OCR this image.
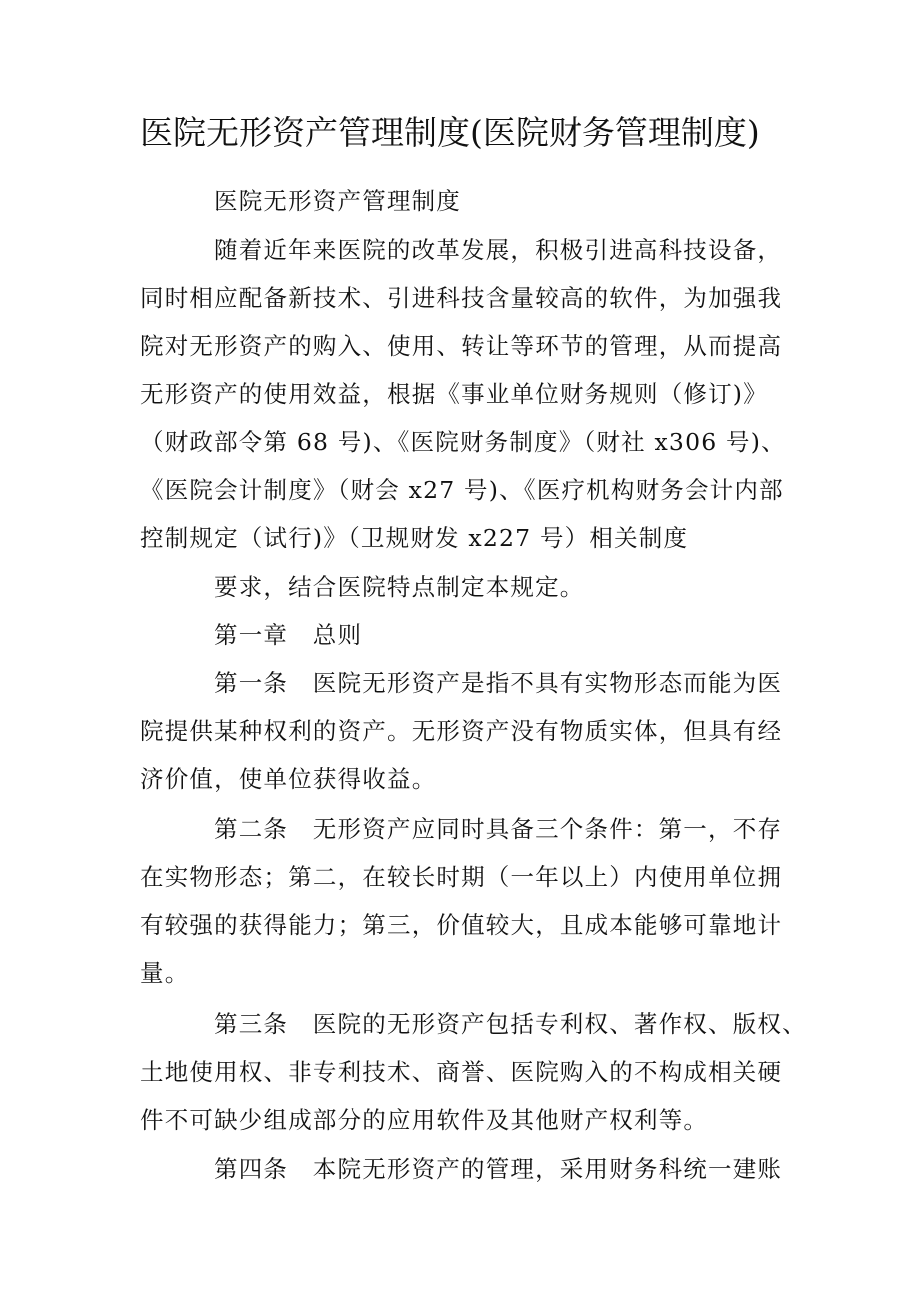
医院无形资产管理制度(医院财务管理制度)
医院无形资产管理制度
随着近年来医院的改革发展，积极引进高科技设备，
同时相应配备新技术、引进科技含量较高的软件，为加强我
院对无形资产的购入、使用、转让等环节的管理，从而提高
无形资产的使用效益，根据《事业单位财务规则（修订)》
（财政部令第 68 号)、《医院财务制度》（财社 x306 号)、
《医院会计制度》（财会 x27 号)、《医疗机构财务会计内部
控制规定（试行)》（卫规财发 x227 号）相关制度
要求，结合医院特点制定本规定。
第一章　总则
第一条　医院无形资产是指不具有实物形态而能为医
院提供某种权利的资产。无形资产没有物质实体，但具有经
济价值，使单位获得收益。
第二条　无形资产应同时具备三个条件：第一，不存
在实物形态；第二，在较长时期（一年以上）内使用单位拥
有较强的获得能力；第三，价值较大，且成本能够可靠地计
量。
第三条　医院的无形资产包括专利权、著作权、版权、
土地使用权、非专利技术、商誉、医院购入的不构成相关硬
件不可缺少组成部分的应用软件及其他财产权利等。
第四条　本院无形资产的管理，采用财务科统一建账
